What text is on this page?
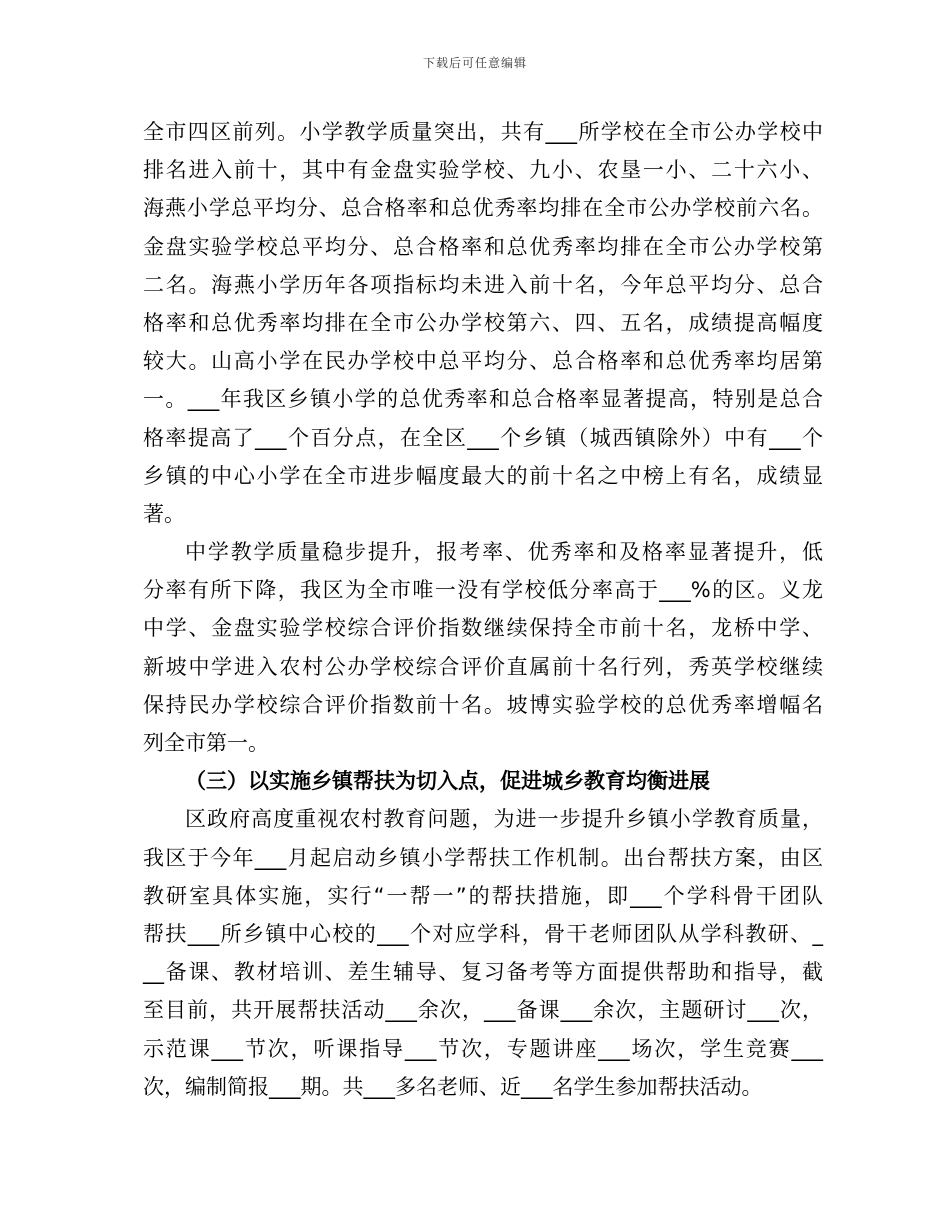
下载后可任意编辑
全市四区前列。小学教学质量突出，共有___所学校在全市公办学校中
排名进入前十，其中有金盘实验学校、九小、农垦一小、二十六小、
海燕小学总平均分、总合格率和总优秀率均排在全市公办学校前六名。
金盘实验学校总平均分、总合格率和总优秀率均排在全市公办学校第
二名。海燕小学历年各项指标均未进入前十名，今年总平均分、总合
格率和总优秀率均排在全市公办学校第六、四、五名，成绩提高幅度
较大。山高小学在民办学校中总平均分、总合格率和总优秀率均居第
一。___年我区乡镇小学的总优秀率和总合格率显著提高，特别是总合
格率提高了___个百分点，在全区___个乡镇（城西镇除外）中有___个
乡镇的中心小学在全市进步幅度最大的前十名之中榜上有名，成绩显
著。
中学教学质量稳步提升，报考率、优秀率和及格率显著提升，低
分率有所下降，我区为全市唯一没有学校低分率高于___%的区。义龙
中学、金盘实验学校综合评价指数继续保持全市前十名，龙桥中学、
新坡中学进入农村公办学校综合评价直属前十名行列，秀英学校继续
保持民办学校综合评价指数前十名。坡博实验学校的总优秀率增幅名
列全市第一。
（三）以实施乡镇帮扶为切入点，促进城乡教育均衡进展
区政府高度重视农村教育问题，为进一步提升乡镇小学教育质量，
我区于今年___月起启动乡镇小学帮扶工作机制。出台帮扶方案，由区
教研室具体实施，实行“一帮一”的帮扶措施，即___个学科骨干团队
帮扶___所乡镇中心校的___个对应学科，骨干老师团队从学科教研、_
__备课、教材培训、差生辅导、复习备考等方面提供帮助和指导，截
至目前，共开展帮扶活动___余次，___备课___余次，主题研讨___次，
示范课___节次，听课指导___节次，专题讲座___场次，学生竞赛___
次，编制简报___期。共___多名老师、近___名学生参加帮扶活动。
